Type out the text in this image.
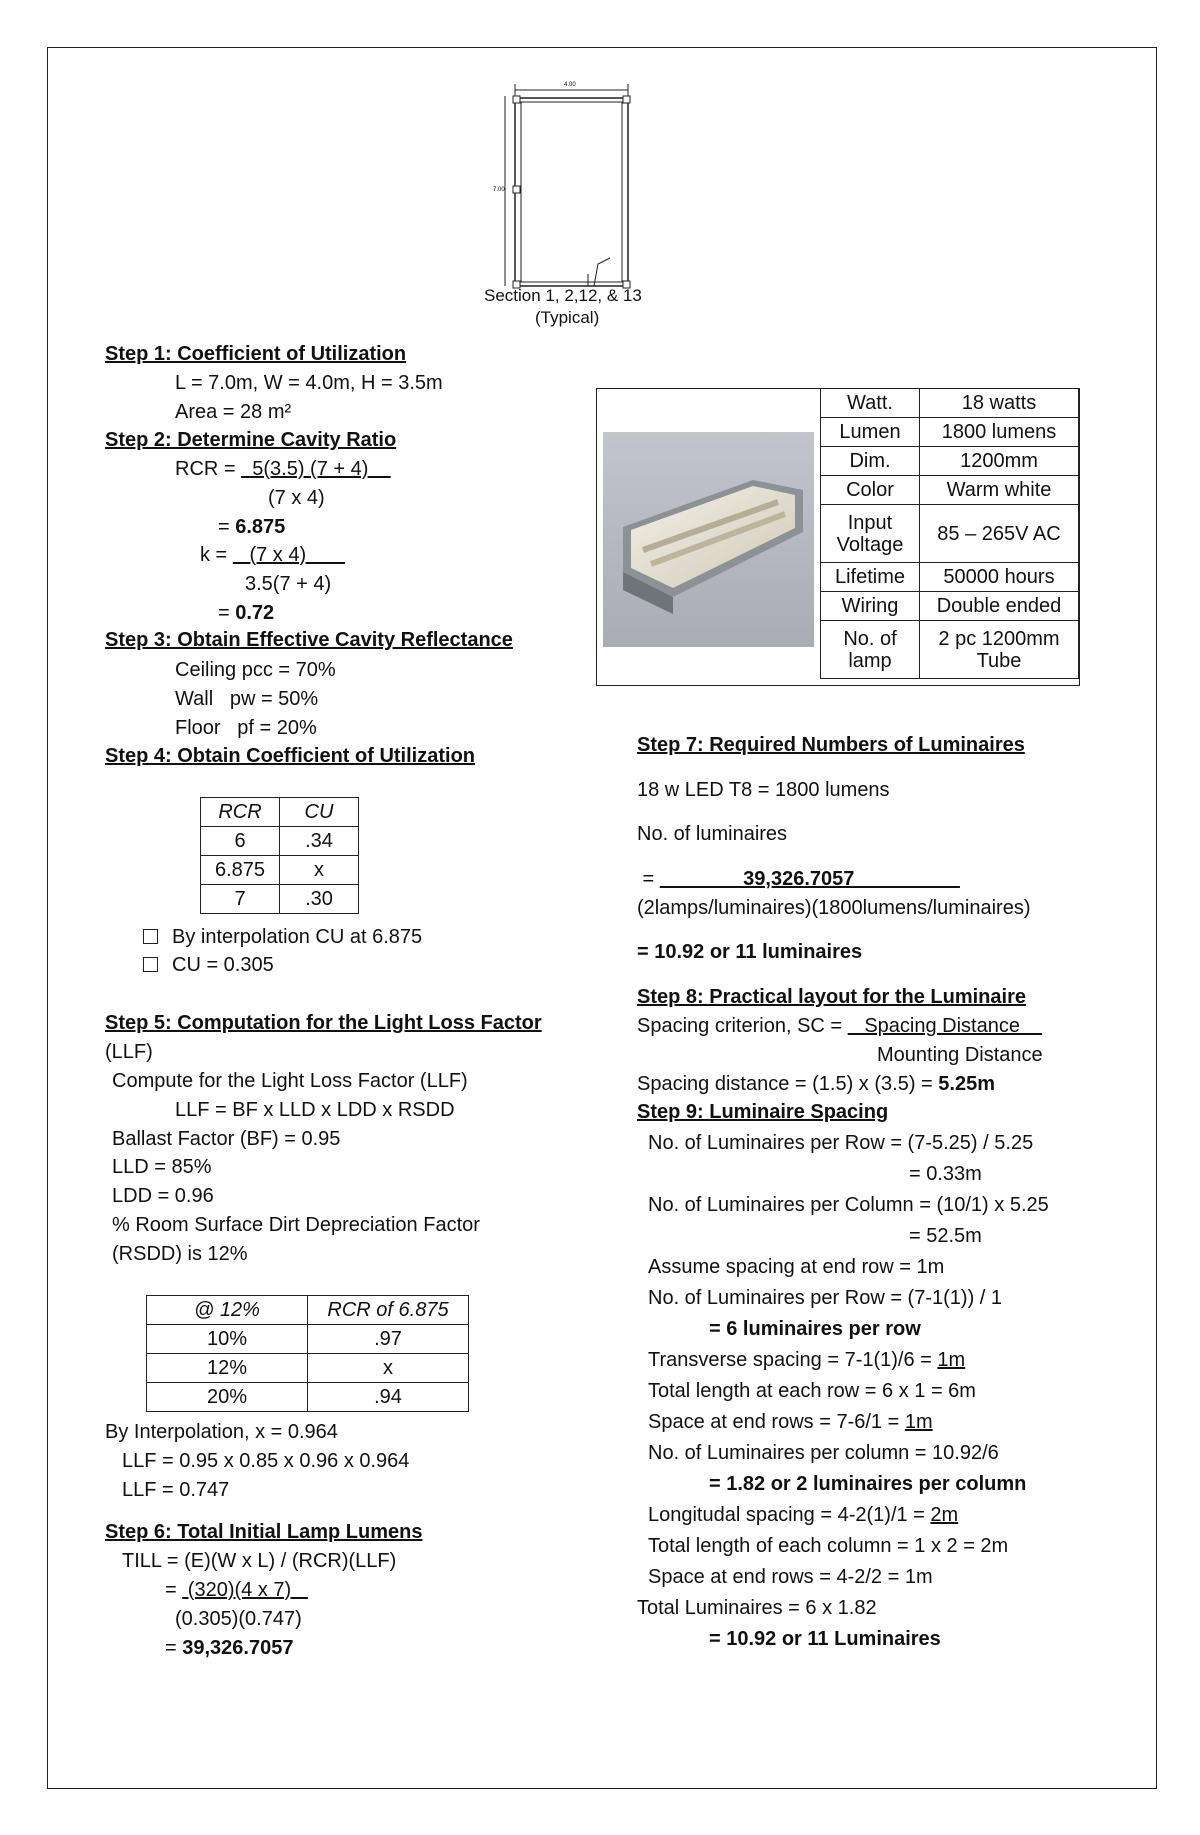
4.00
7.00
Section 1, 2,12, & 13
(Typical)
Step 1: Coefficient of Utilization
L = 7.0m, W = 4.0m, H = 3.5m
Area = 28 m²
Step 2: Determine Cavity Ratio
RCR =   5(3.5) (7 + 4)
(7 x 4)
= 6.875
k =    (7 x 4)
3.5(7 + 4)
= 0.72
Step 3: Obtain Effective Cavity Reflectance
Ceiling pcc = 70%
Wall   pw = 50%
Floor   pf = 20%
Step 4: Obtain Coefficient of Utilization
RCR	CU
6	.34
6.875	x
7	.30
By interpolation CU at 6.875
CU = 0.305
Step 5: Computation for the Light Loss Factor
(LLF)
Compute for the Light Loss Factor (LLF)
LLF = BF x LLD x LDD x RSDD
Ballast Factor (BF) = 0.95
LLD = 85%
LDD = 0.96
% Room Surface Dirt Depreciation Factor
(RSDD) is 12%
@ 12%	RCR of 6.875
10%	.97
12%	x
20%	.94
By Interpolation, x = 0.964
LLF = 0.95 x 0.85 x 0.96 x 0.964
LLF = 0.747
Step 6: Total Initial Lamp Lumens
TILL = (E)(W x L) / (RCR)(LLF)
=  (320)(4 x 7)
(0.305)(0.747)
= 39,326.7057
Watt.	18 watts
Lumen	1800 lumens
Dim.	1200mm
Color	Warm white
Input Voltage	85 – 265V AC
Lifetime	50000 hours
Wiring	Double ended
No. of lamp	2 pc 1200mm Tube
Step 7: Required Numbers of Luminaires
18 w LED T8 = 1800 lumens
No. of luminaires
=                39,326.7057
(2lamps/luminaires)(1800lumens/luminaires)
= 10.92 or 11 luminaires
Step 8: Practical layout for the Luminaire
Spacing criterion, SC =    Spacing Distance
Mounting Distance
Spacing distance = (1.5) x (3.5) = 5.25m
Step 9: Luminaire Spacing
No. of Luminaires per Row = (7-5.25) / 5.25
= 0.33m
No. of Luminaires per Column = (10/1) x 5.25
= 52.5m
Assume spacing at end row = 1m
No. of Luminaires per Row = (7-1(1)) / 1
= 6 luminaires per row
Transverse spacing = 7-1(1)/6 = 1m
Total length at each row = 6 x 1 = 6m
Space at end rows = 7-6/1 = 1m
No. of Luminaires per column = 10.92/6
= 1.82 or 2 luminaires per column
Longitudal spacing = 4-2(1)/1 = 2m
Total length of each column = 1 x 2 = 2m
Space at end rows = 4-2/2 = 1m
Total Luminaires = 6 x 1.82
= 10.92 or 11 Luminaires
